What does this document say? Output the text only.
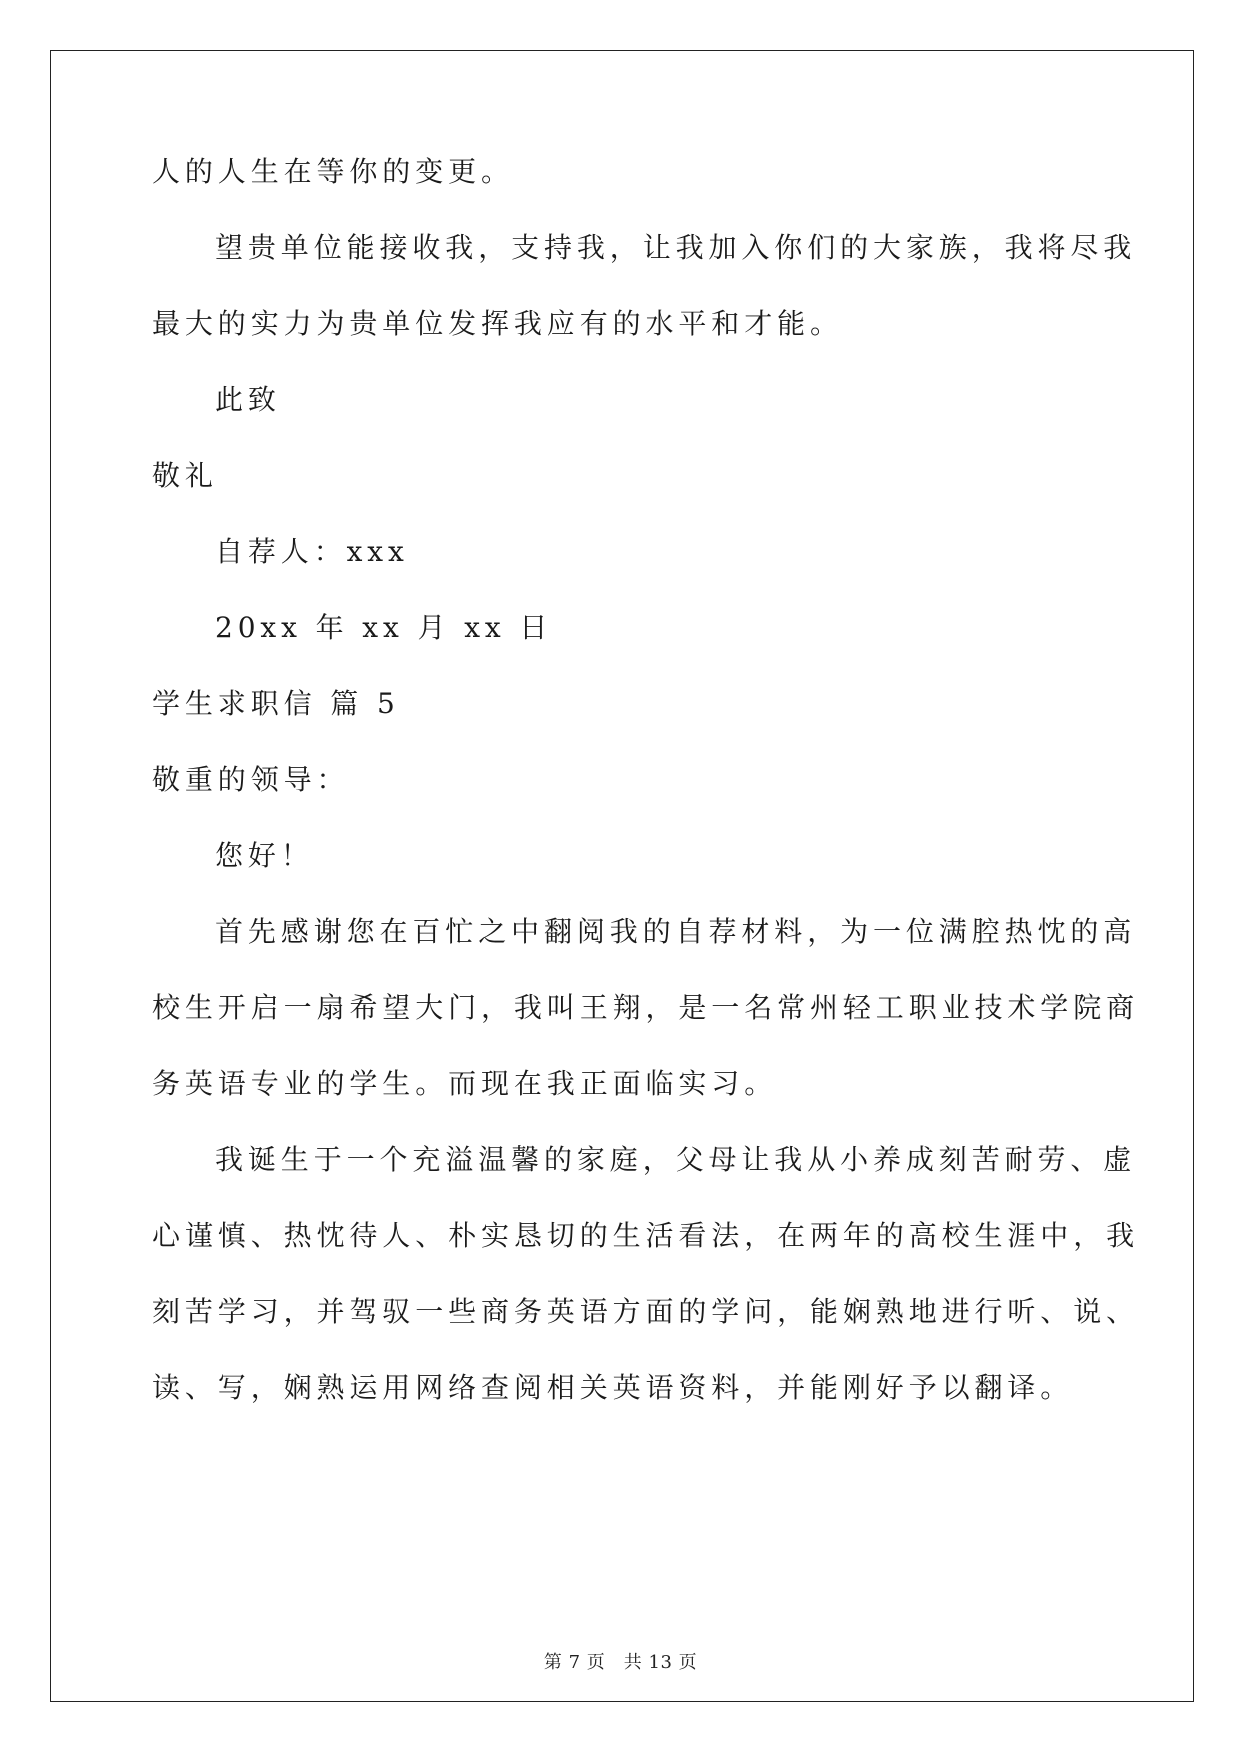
人的人生在等你的变更。
望贵单位能接收我，支持我，让我加入你们的大家族，我将尽我
最大的实力为贵单位发挥我应有的水平和才能。
此致
敬礼
自荐人：xxx
20xx 年 xx 月 xx 日
学生求职信 篇 5
敬重的领导：
您好！
首先感谢您在百忙之中翻阅我的自荐材料，为一位满腔热忱的高
校生开启一扇希望大门，我叫王翔，是一名常州轻工职业技术学院商
务英语专业的学生。而现在我正面临实习。
我诞生于一个充溢温馨的家庭，父母让我从小养成刻苦耐劳、虚
心谨慎、热忱待人、朴实恳切的生活看法，在两年的高校生涯中，我
刻苦学习，并驾驭一些商务英语方面的学问，能娴熟地进行听、说、
读、写，娴熟运用网络查阅相关英语资料，并能刚好予以翻译。
第 7 页　共 13 页
